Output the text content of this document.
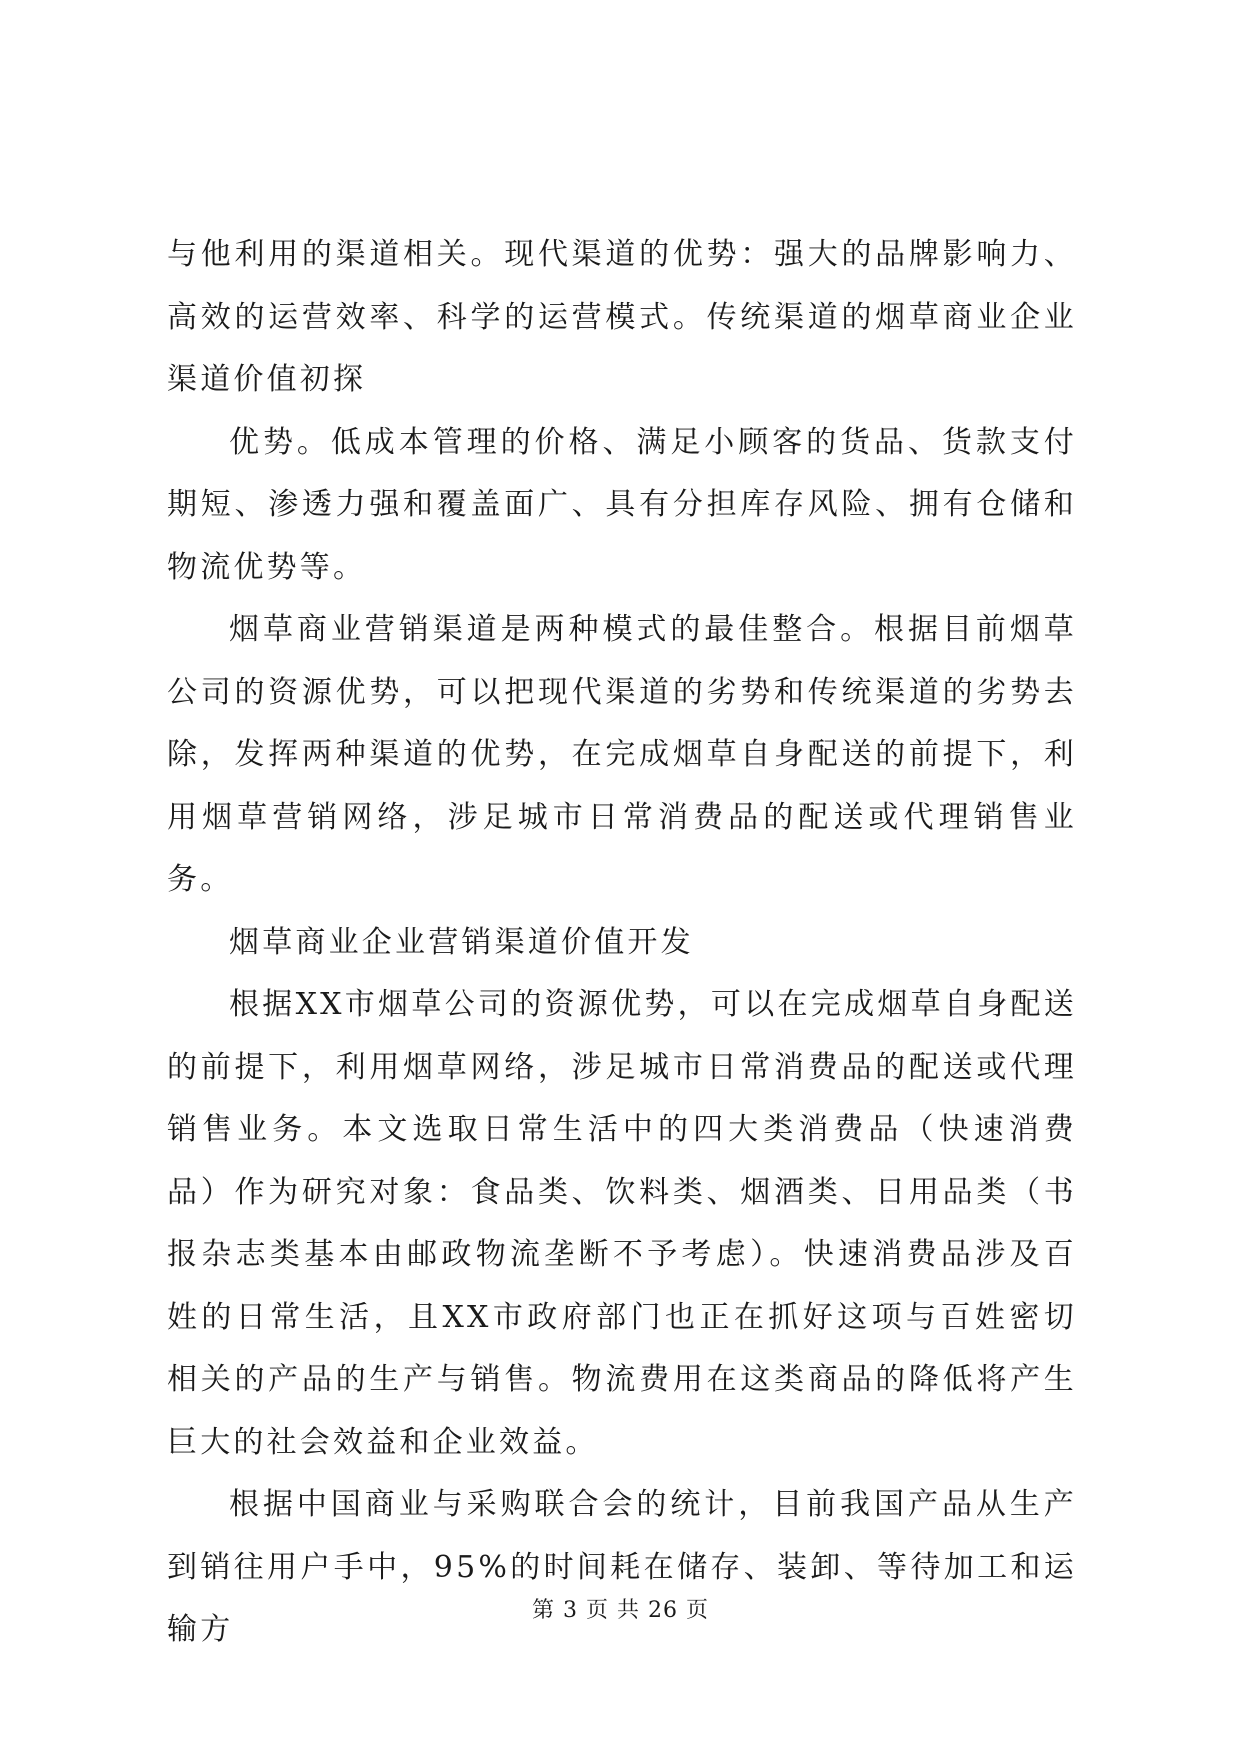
与他利用的渠道相关。现代渠道的优势：强大的品牌影响力、高效的运营效率、科学的运营模式。传统渠道的烟草商业企业渠道价值初探

优势。低成本管理的价格、满足小顾客的货品、货款支付期短、渗透力强和覆盖面广、具有分担库存风险、拥有仓储和物流优势等。

烟草商业营销渠道是两种模式的最佳整合。根据目前烟草公司的资源优势，可以把现代渠道的劣势和传统渠道的劣势去除，发挥两种渠道的优势，在完成烟草自身配送的前提下，利用烟草营销网络，涉足城市日常消费品的配送或代理销售业务。

烟草商业企业营销渠道价值开发

根据XX市烟草公司的资源优势，可以在完成烟草自身配送的前提下，利用烟草网络，涉足城市日常消费品的配送或代理销售业务。本文选取日常生活中的四大类消费品（快速消费品）作为研究对象：食品类、饮料类、烟酒类、日用品类（书报杂志类基本由邮政物流垄断不予考虑）。快速消费品涉及百姓的日常生活，且XX市政府部门也正在抓好这项与百姓密切相关的产品的生产与销售。物流费用在这类商品的降低将产生巨大的社会效益和企业效益。

根据中国商业与采购联合会的统计，目前我国产品从生产到销往用户手中，95%的时间耗在储存、装卸、等待加工和运输方

第 3 页 共 26 页
